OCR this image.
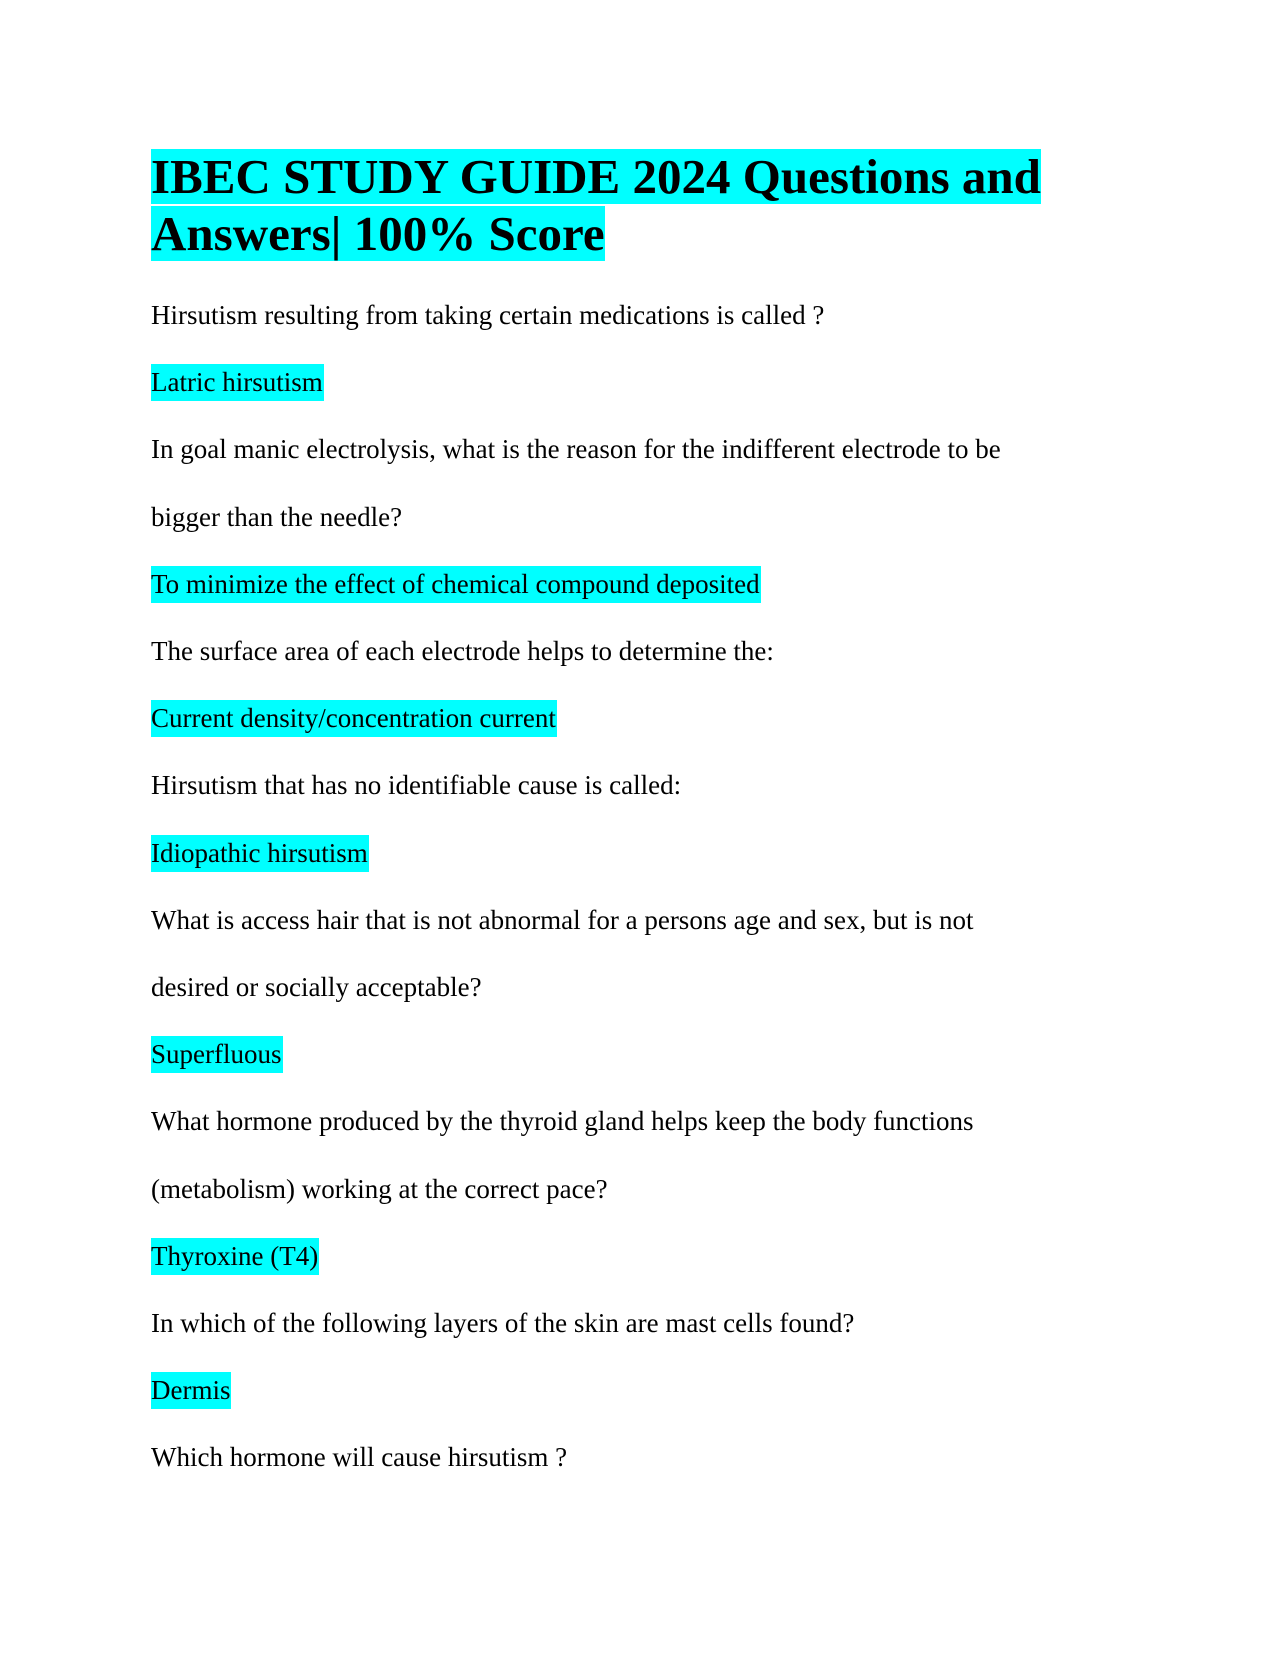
IBEC STUDY GUIDE 2024 Questions and
Answers| 100% Score
Hirsutism resulting from taking certain medications is called ?
Latric hirsutism
In goal manic electrolysis, what is the reason for the indifferent electrode to be
bigger than the needle?
To minimize the effect of chemical compound deposited
The surface area of each electrode helps to determine the:
Current density/concentration current
Hirsutism that has no identifiable cause is called:
Idiopathic hirsutism
What is access hair that is not abnormal for a persons age and sex, but is not
desired or socially acceptable?
Superfluous
What hormone produced by the thyroid gland helps keep the body functions
(metabolism) working at the correct pace?
Thyroxine (T4)
In which of the following layers of the skin are mast cells found?
Dermis
Which hormone will cause hirsutism ?
